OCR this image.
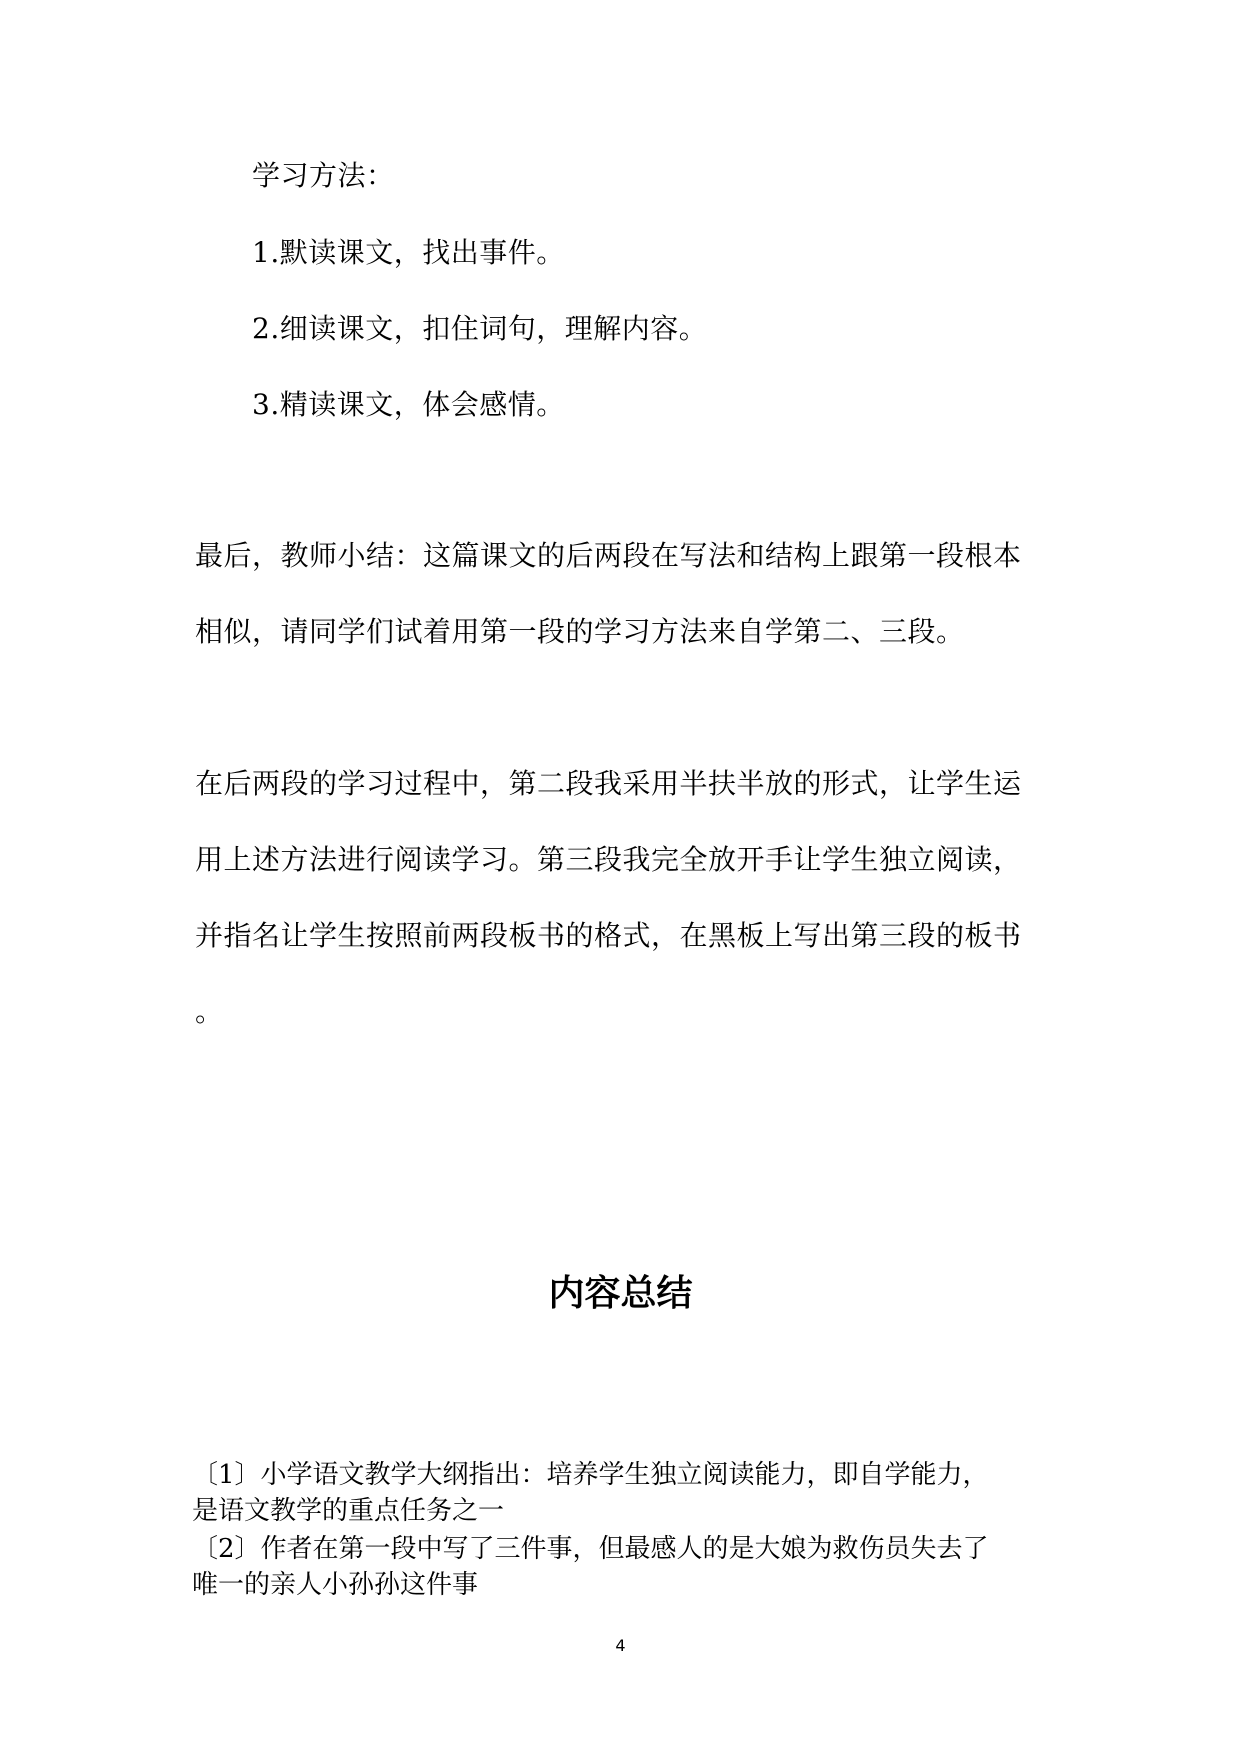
学习方法：
1.默读课文，找出事件。
2.细读课文，扣住词句，理解内容。
3.精读课文，体会感情。
最后，教师小结：这篇课文的后两段在写法和结构上跟第一段根本
相似，请同学们试着用第一段的学习方法来自学第二、三段。
在后两段的学习过程中，第二段我采用半扶半放的形式，让学生运
用上述方法进行阅读学习。第三段我完全放开手让学生独立阅读，
并指名让学生按照前两段板书的格式，在黑板上写出第三段的板书
。
内容总结
〔1〕小学语文教学大纲指出：培养学生独立阅读能力，即自学能力，
是语文教学的重点任务之一
〔2〕作者在第一段中写了三件事，但最感人的是大娘为救伤员失去了
唯一的亲人小孙孙这件事
4
